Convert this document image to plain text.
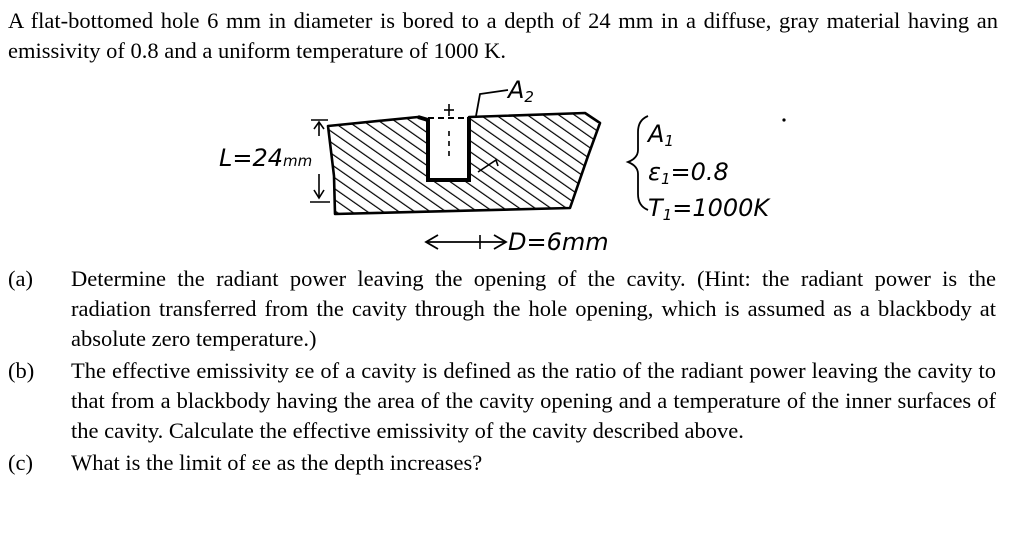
A flat-bottomed hole 6 mm in diameter is bored to a depth of 24 mm in a diffuse, gray material having an emissivity of 0.8 and a uniform temperature of 1000 K.
A2
L=24mm
A1
ε1=0.8
T1=1000K
D=6mm
(a) Determine the radiant power leaving the opening of the cavity. (Hint: the radiant power is the radiation transferred from the cavity through the hole opening, which is assumed as a blackbody at absolute zero temperature.)
(b) The effective emissivity εe of a cavity is defined as the ratio of the radiant power leaving the cavity to that from a blackbody having the area of the cavity opening and a temperature of the inner surfaces of the cavity. Calculate the effective emissivity of the cavity described above.
(c) What is the limit of εe as the depth increases?
